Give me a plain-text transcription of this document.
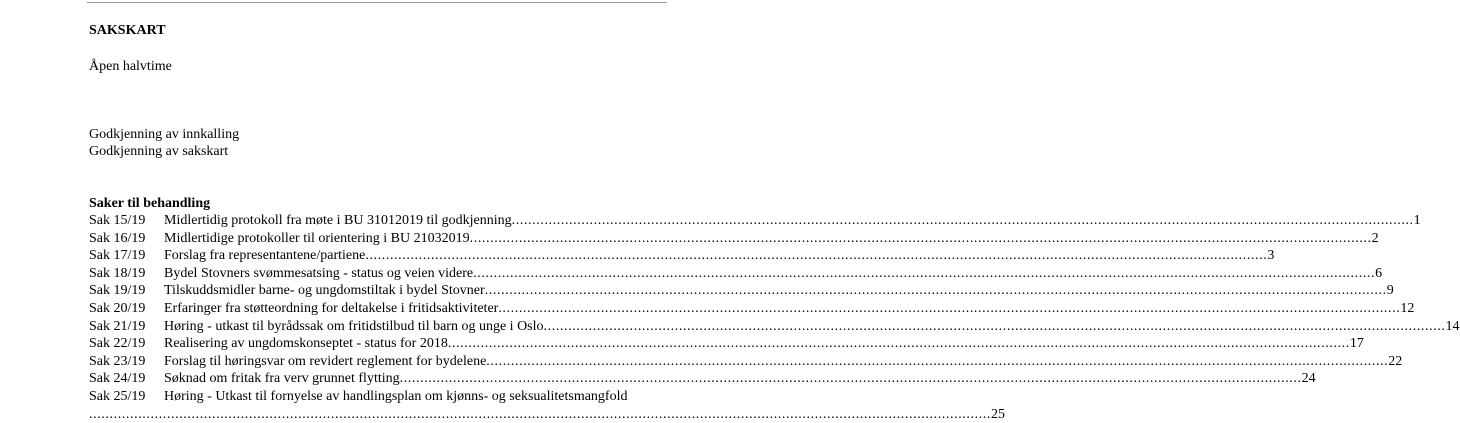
SAKSKART
Åpen halvtime
Godkjenning av innkalling
Godkjenning av sakskart
Saker til behandling
Sak 15/19	Midlertidig protokoll fra møte i BU 31012019 til godkjenning ............................................................................................................................................................................................................................ 1
Sak 16/19	Midlertidige protokoller til orientering i BU 21032019 ............................................................................................................................................................................................................................ 2
Sak 17/19	Forslag fra representantene/partiene ............................................................................................................................................................................................................................ 3
Sak 18/19	Bydel Stovners svømmesatsing - status og veien videre ............................................................................................................................................................................................................................ 6
Sak 19/19	Tilskuddsmidler barne- og ungdomstiltak i bydel Stovner ............................................................................................................................................................................................................................ 9
Sak 20/19	Erfaringer fra støtteordning for deltakelse i fritidsaktiviteter ............................................................................................................................................................................................................................ 12
Sak 21/19	Høring - utkast til byrådssak om fritidstilbud til barn og unge i Oslo ............................................................................................................................................................................................................................ 14
Sak 22/19	Realisering av ungdomskonseptet - status for 2018 ............................................................................................................................................................................................................................ 17
Sak 23/19	Forslag til høringsvar om revidert reglement for bydelene ............................................................................................................................................................................................................................ 22
Sak 24/19	Søknad om fritak fra verv grunnet flytting ............................................................................................................................................................................................................................ 24
Sak 25/19	Høring - Utkast til fornyelse av handlingsplan om kjønns- og seksualitetsmangfold
............................................................................................................................................................................................................................ 25
